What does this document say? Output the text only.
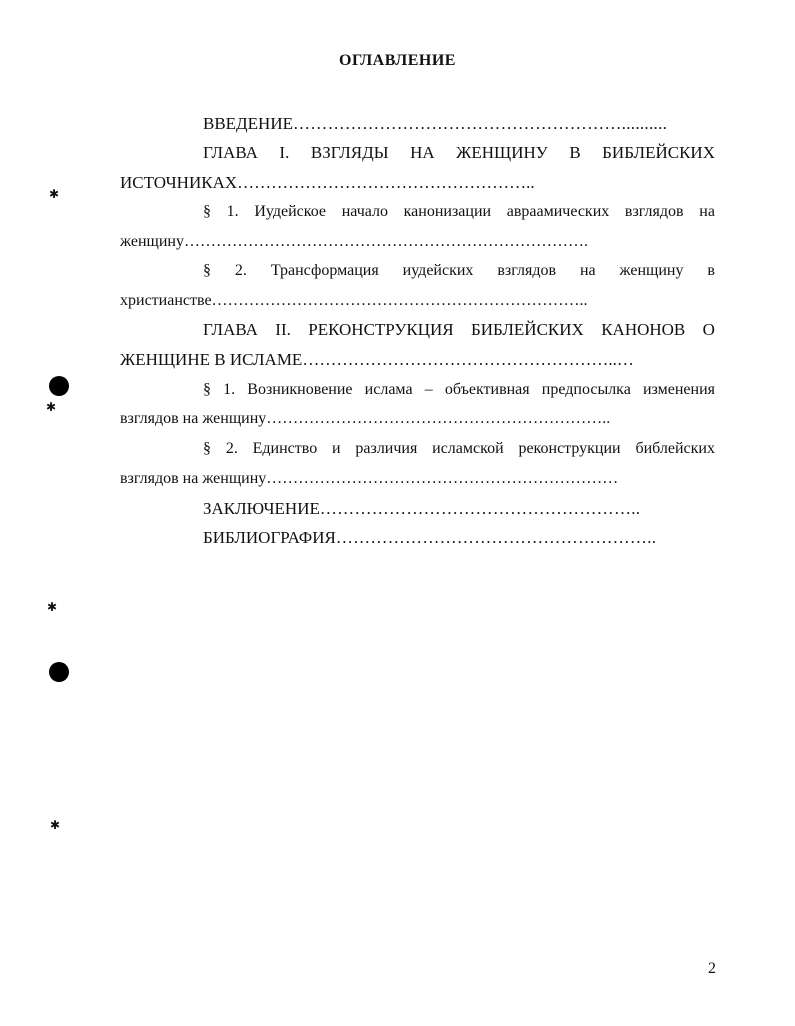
ОГЛАВЛЕНИЕ
ВВЕДЕНИЕ…………………………………………………..........
ГЛАВА I. ВЗГЛЯДЫ НА ЖЕНЩИНУ В БИБЛЕЙСКИХ
ИСТОЧНИКАХ……………………………………………..
§ 1. Иудейское начало канонизации авраамических взглядов на
женщину………………………………………………………………….
§ 2. Трансформация иудейских взглядов на женщину в
христианстве……………………………………………………………..
ГЛАВА II. РЕКОНСТРУКЦИЯ БИБЛЕЙСКИХ КАНОНОВ О
ЖЕНЩИНЕ В ИСЛАМЕ………………………………………………..…
§ 1. Возникновение ислама – объективная предпосылка изменения
взглядов на женщину………………………………………………………..
§ 2. Единство и различия исламской реконструкции библейских
взглядов на женщину…………………………………………………………
ЗАКЛЮЧЕНИЕ………………………………………………..
БИБЛИОГРАФИЯ………………………………………………..
✱
✱
✱
✱
2
